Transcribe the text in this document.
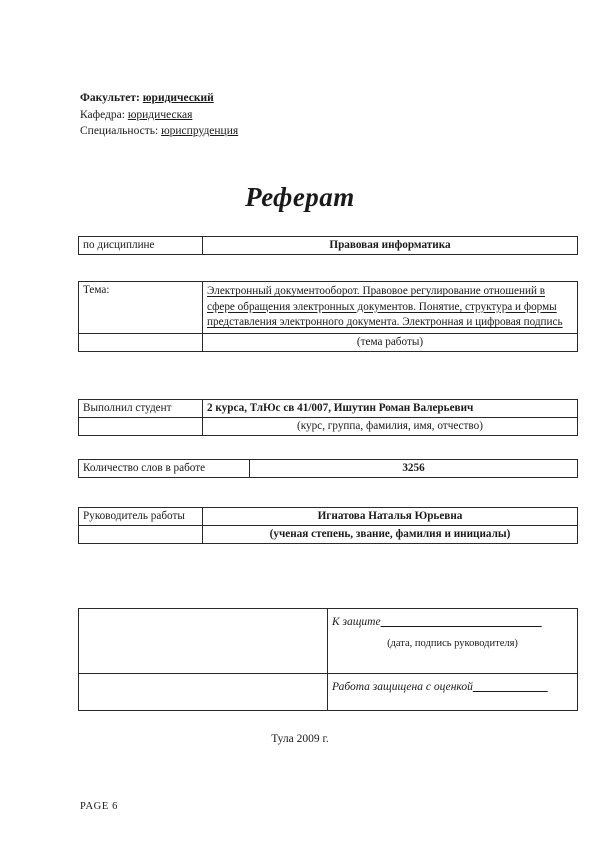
Факультет: юридический
Кафедра: юридическая
Специальность: юриспруденция
Реферат
по дисциплине	Правовая информатика
Тема:	Электронный документооборот. Правовое регулирование отношений в сфере обращения электронных документов. Понятие, структура и формы представления электронного документа. Электронная и цифровая подпись
	(тема работы)
Выполнил студент	2 курса, ТлЮс св 41/007, Ишутин Роман Валерьевич
	(курс, группа, фамилия, имя, отчество)
Количество слов в работе	3256
Руководитель работы	Игнатова Наталья Юрьевна
	(ученая степень, звание, фамилия и инициалы)

	К защите____________________________
(дата, подпись руководителя)

	Работа защищена с оценкой_____________
Тула 2009 г.
PAGE 6
